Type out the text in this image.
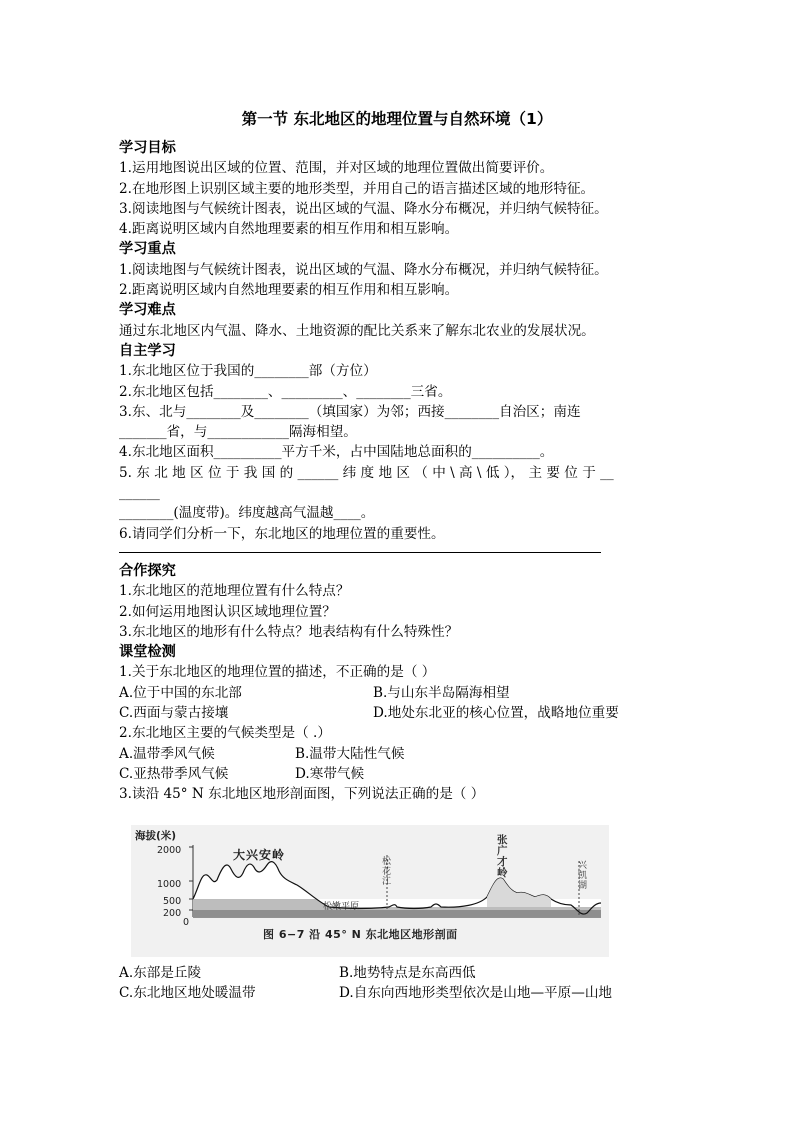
第一节 东北地区的地理位置与自然环境（1）
学习目标
1.运用地图说出区域的位置、范围，并对区域的地理位置做出简要评价。
2.在地形图上识别区域主要的地形类型，并用自己的语言描述区域的地形特征。
3.阅读地图与气候统计图表，说出区域的气温、降水分布概况，并归纳气候特征。
4.距离说明区域内自然地理要素的相互作用和相互影响。
学习重点
1.阅读地图与气候统计图表，说出区域的气温、降水分布概况，并归纳气候特征。
2.距离说明区域内自然地理要素的相互作用和相互影响。
学习难点
通过东北地区内气温、降水、土地资源的配比关系来了解东北农业的发展状况。
自主学习
1.东北地区位于我国的________部（方位）
2.东北地区包括________、_________、________三省。
3.东、北与________及________（填国家）为邻；西接________自治区；南连
_______省，与____________隔海相望。
4.东北地区面积__________平方千米，占中国陆地总面积的__________。
5. 东 北 地 区 位 于 我 国 的 ______ 纬 度 地 区 （ 中 \ 高 \ 低 ）， 主 要 位 于 __
______
________(温度带)。纬度越高气温越____。
6.请同学们分析一下，东北地区的地理位置的重要性。
合作探究
1.东北地区的范地理位置有什么特点？
2.如何运用地图认识区域地理位置？
3.东北地区的地形有什么特点？地表结构有什么特殊性？
课堂检测
1.关于东北地区的地理位置的描述，不正确的是（ ）
A.位于中国的东北部	B.与山东半岛隔海相望
C.西面与蒙古接壤	D.地处东北亚的核心位置，战略地位重要
2.东北地区主要的气候类型是（ .）
A.温带季风气候	B.温带大陆性气候
C.亚热带季风气候	D.寒带气候
3.读沿 45° N 东北地区地形剖面图，下列说法正确的是（ ）
海拔(米)
2000
1000
500
200
0
大兴安岭	松花江
松嫩平原
张广才岭
兴凯湖
图 6−7 沿 45° N 东北地区地形剖面
A.东部是丘陵	B.地势特点是东高西低
C.东北地区地处暖温带	D.自东向西地形类型依次是山地—平原—山地
